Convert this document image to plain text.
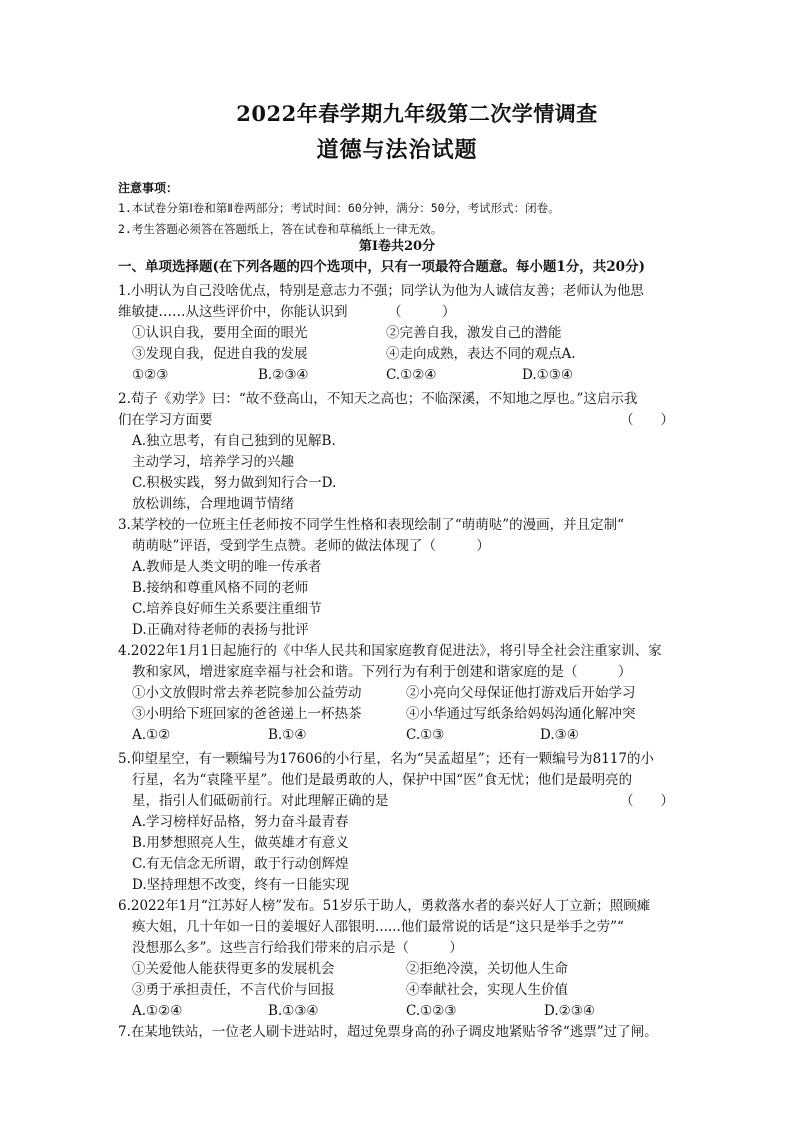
2022年春学期九年级第二次学情调查
道德与法治试题
注意事项：
1.本试卷分第Ⅰ卷和第Ⅱ卷两部分；考试时间：60分钟，满分：50分，考试形式：闭卷。
2.考生答题必须答在答题纸上，答在试卷和草稿纸上一律无效。
第Ⅰ卷共20分
一、单项选择题(在下列各题的四个选项中，只有一项最符合题意。每小题1分，共20分)
1.小明认为自己没啥优点，特别是意志力不强；同学认为他为人诚信友善；老师认为他思
维敏捷……从这些评价中，你能认识到	（　　　）
①认识自我，要用全面的眼光	②完善自我，激发自己的潜能
③发现自我，促进自我的发展	④走向成熟，表达不同的观点A.
①②③	B.②③④	C.①②④	D.①③④
2.荀子《劝学》曰：“故不登高山，不知天之高也；不临深溪，不知地之厚也。”这启示我
们在学习方面要	（　　）
A.独立思考，有自己独到的见解B.
主动学习，培养学习的兴趣
C.积极实践，努力做到知行合一D.
放松训练，合理地调节情绪
3.某学校的一位班主任老师按不同学生性格和表现绘制了“萌萌哒”的漫画，并且定制“
萌萌哒”评语，受到学生点赞。老师的做法体现了（　　　）
A.教师是人类文明的唯一传承者
B.接纳和尊重风格不同的老师
C.培养良好师生关系要注重细节
D.正确对待老师的表扬与批评
4.2022年1月1日起施行的《中华人民共和国家庭教育促进法》，将引导全社会注重家训、家
教和家风，增进家庭幸福与社会和谐。下列行为有利于创建和谐家庭的是（　　　）
①小文放假时常去养老院参加公益劳动	②小亮向父母保证他打游戏后开始学习
③小明给下班回家的爸爸递上一杯热茶	④小华通过写纸条给妈妈沟通化解冲突
A.①②	B.①④	C.①③	D.③④
5.仰望星空，有一颗编号为17606的小行星，名为“吴孟超星”；还有一颗编号为8117的小
行星，名为“袁隆平星”。他们是最勇敢的人，保护中国“医”食无忧；他们是最明亮的
星，指引人们砥砺前行。对此理解正确的是	（　　）
A.学习榜样好品格，努力奋斗最青春
B.用梦想照亮人生，做英雄才有意义
C.有无信念无所谓，敢于行动创辉煌
D.坚持理想不改变，终有一日能实现
6.2022年1月“江苏好人榜”发布。51岁乐于助人，勇救落水者的泰兴好人丁立新；照顾瘫
痪大姐，几十年如一日的姜堰好人邵银明......他们最常说的话是“这只是举手之劳”“
没想那么多”。这些言行给我们带来的启示是（　　　）
①关爱他人能获得更多的发展机会	②拒绝冷漠，关切他人生命
③勇于承担责任，不言代价与回报	④奉献社会，实现人生价值
A.①②④	B.①③④	C.①②③	D.②③④
7.在某地铁站，一位老人刷卡进站时，超过免票身高的孙子调皮地紧贴爷爷“逃票”过了闸。
